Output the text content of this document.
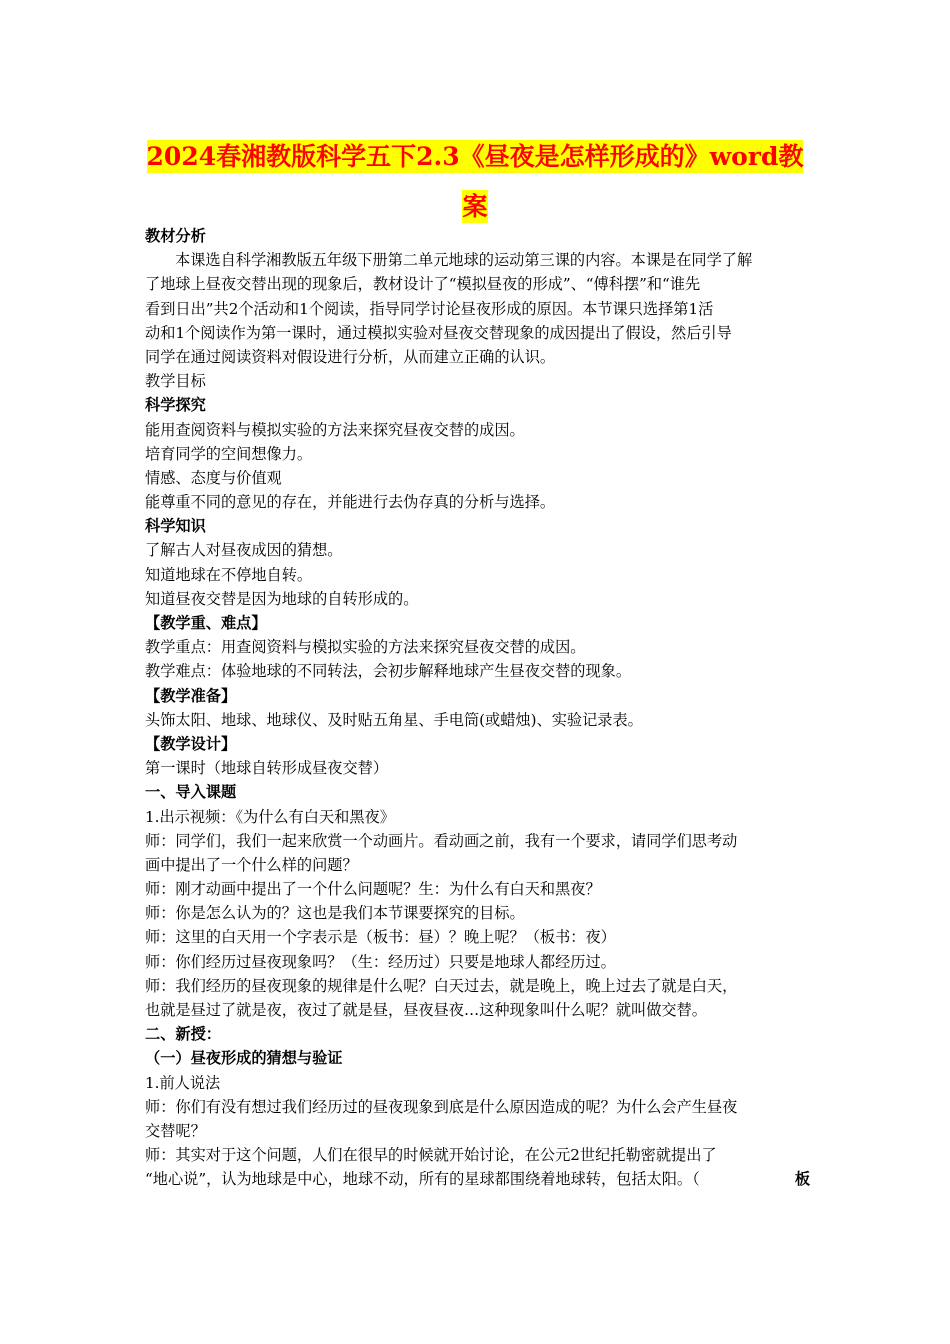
2024春湘教版科学五下2.3《昼夜是怎样形成的》word教
案
教材分析
本课选自科学湘教版五年级下册第二单元地球的运动第三课的内容。本课是在同学了解
了地球上昼夜交替出现的现象后，教材设计了“模拟昼夜的形成”、“傅科摆”和“谁先
看到日出”共2个活动和1个阅读，指导同学讨论昼夜形成的原因。本节课只选择第1活
动和1个阅读作为第一课时，通过模拟实验对昼夜交替现象的成因提出了假设，然后引导
同学在通过阅读资料对假设进行分析，从而建立正确的认识。
教学目标
科学探究
能用查阅资料与模拟实验的方法来探究昼夜交替的成因。
培育同学的空间想像力。
情感、态度与价值观
能尊重不同的意见的存在，并能进行去伪存真的分析与选择。
科学知识
了解古人对昼夜成因的猜想。
知道地球在不停地自转。
知道昼夜交替是因为地球的自转形成的。
【教学重、难点】
教学重点：用查阅资料与模拟实验的方法来探究昼夜交替的成因。
教学难点：体验地球的不同转法，会初步解释地球产生昼夜交替的现象。
【教学准备】
头饰太阳、地球、地球仪、及时贴五角星、手电筒(或蜡烛)、实验记录表。
【教学设计】
第一课时（地球自转形成昼夜交替）
一、导入课题
1.出示视频：《为什么有白天和黑夜》
师：同学们，我们一起来欣赏一个动画片。看动画之前，我有一个要求，请同学们思考动
画中提出了一个什么样的问题？
师：刚才动画中提出了一个什么问题呢？生：为什么有白天和黑夜？
师：你是怎么认为的？这也是我们本节课要探究的目标。
师：这里的白天用一个字表示是（板书：昼）？晚上呢？（板书：夜）
师：你们经历过昼夜现象吗？（生：经历过）只要是地球人都经历过。
师：我们经历的昼夜现象的规律是什么呢？白天过去，就是晚上，晚上过去了就是白天，
也就是昼过了就是夜，夜过了就是昼，昼夜昼夜…这种现象叫什么呢？就叫做交替。
二、新授：
（一）昼夜形成的猜想与验证
1.前人说法
师：你们有没有想过我们经历过的昼夜现象到底是什么原因造成的呢？为什么会产生昼夜
交替呢？
师：其实对于这个问题，人们在很早的时候就开始讨论，在公元2世纪托勒密就提出了
板
“地心说”，认为地球是中心，地球不动，所有的星球都围绕着地球转，包括太阳。（
